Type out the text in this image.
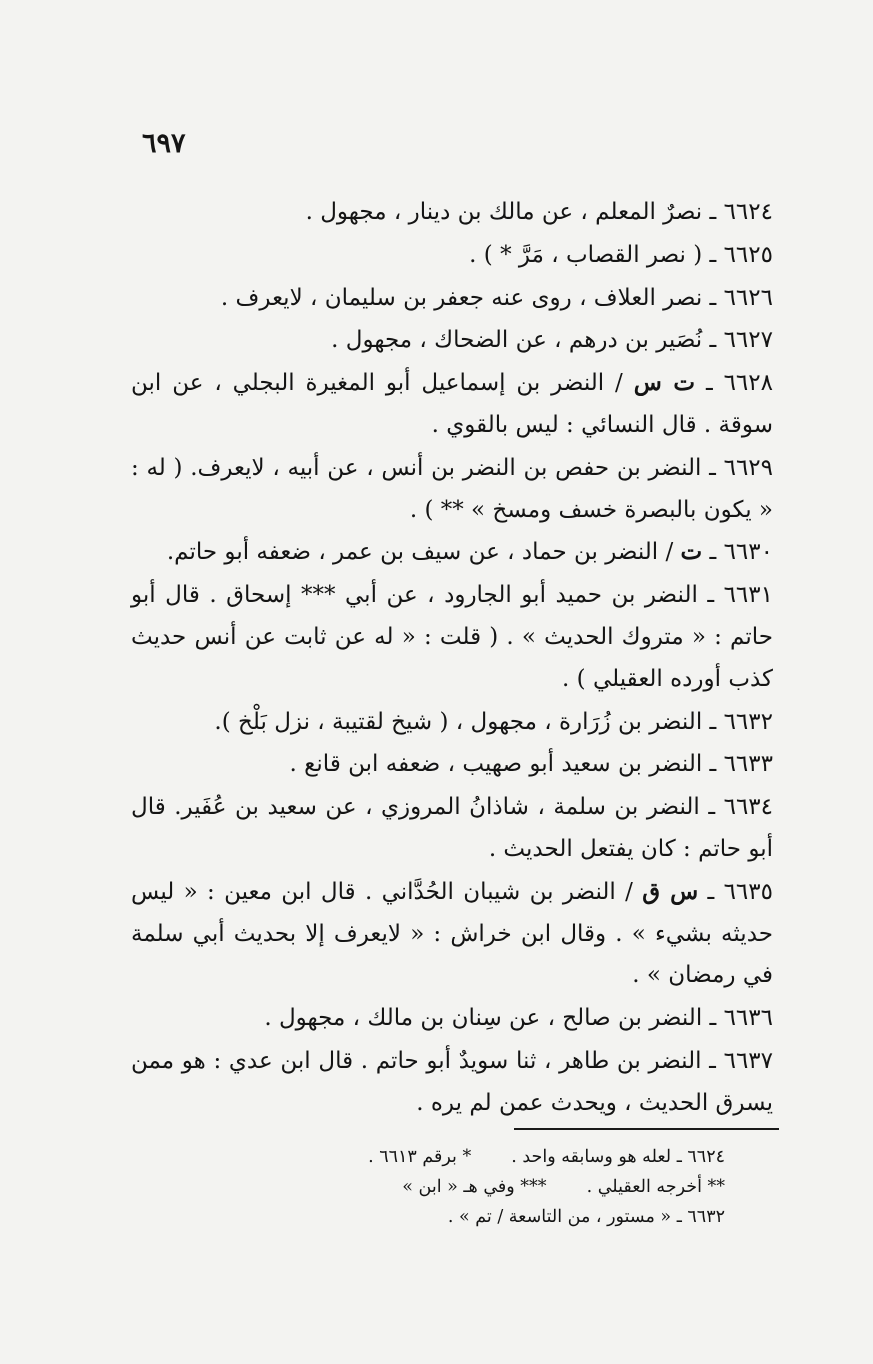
٦٩٧

٦٦٢٤ ـ نصرٌ المعلم ، عن مالك بن دينار ، مجهول .

٦٦٢٥ ـ ( نصر القصاب ، مَرَّ * ) .

٦٦٢٦ ـ نصر العلاف ، روى عنه جعفر بن سليمان ، لايعرف .

٦٦٢٧ ـ نُصَير بن درهم ، عن الضحاك ، مجهول .

٦٦٢٨ ـ ت س / النضر بن إسماعيل أبو المغيرة البجلي ، عن ابن سوقة . قال النسائي : ليس بالقوي .

٦٦٢٩ ـ النضر بن حفص بن النضر بن أنس ، عن أبيه ، لايعرف. ( له : « يكون بالبصرة خسف ومسخ » ** ) .

٦٦٣٠ ـ ت / النضر بن حماد ، عن سيف بن عمر ، ضعفه أبو حاتم.

٦٦٣١ ـ النضر بن حميد أبو الجارود ، عن أبي *** إسحاق . قال أبو حاتم : « متروك الحديث » . ( قلت : « له عن ثابت عن أنس حديث كذب أورده العقيلي ) .

٦٦٣٢ ـ النضر بن زُرَارة ، مجهول ، ( شيخ لقتيبة ، نزل بَلْخ ).

٦٦٣٣ ـ النضر بن سعيد أبو صهيب ، ضعفه ابن قانع .

٦٦٣٤ ـ النضر بن سلمة ، شاذانُ المروزي ، عن سعيد بن عُفَير. قال أبو حاتم : كان يفتعل الحديث .

٦٦٣٥ ـ س ق / النضر بن شيبان الحُدَّاني . قال ابن معين : « ليس حديثه بشيء » . وقال ابن خراش : « لايعرف إلا بحديث أبي سلمة في رمضان » .

٦٦٣٦ ـ النضر بن صالح ، عن سِنان بن مالك ، مجهول .

٦٦٣٧ ـ النضر بن طاهر ، ثنا سويدٌ أبو حاتم . قال ابن عدي : هو ممن يسرق الحديث ، ويحدث عمن لم يره .

٦٦٢٤ ـ لعله هو وسابقه واحد .* برقم ٦٦١٣ .

** أخرجه العقيلي .*** وفي هـ « ابن »

٦٦٣٢ ـ « مستور ، من التاسعة / تم » .
